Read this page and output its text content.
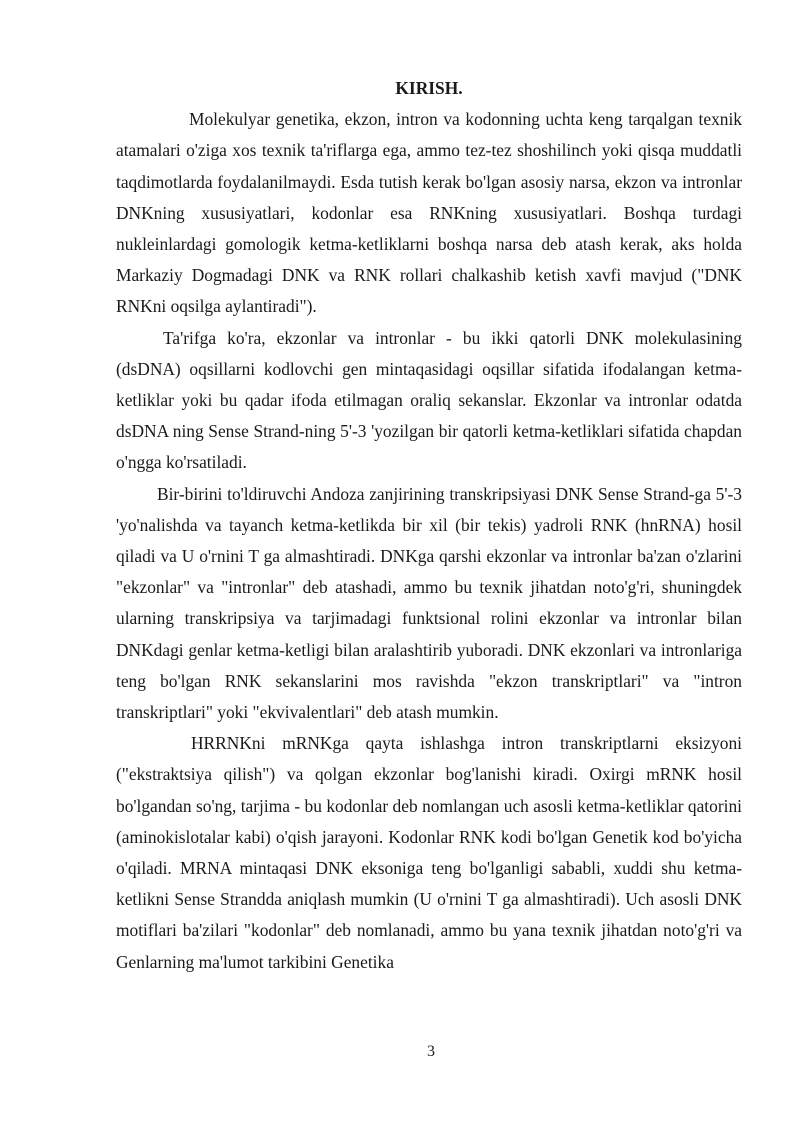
KIRISH.

Molekulyar genetika, ekzon, intron va kodonning uchta keng tarqalgan texnik atamalari o'ziga xos texnik ta'riflarga ega, ammo tez-tez shoshilinch yoki qisqa muddatli taqdimotlarda foydalanilmaydi. Esda tutish kerak bo'lgan asosiy narsa, ekzon va intronlar DNKning xususiyatlari, kodonlar esa RNKning xususiyatlari. Boshqa turdagi nukleinlardagi gomologik ketma-ketliklarni boshqa narsa deb atash kerak, aks holda Markaziy Dogmadagi DNK va RNK rollari chalkashib ketish xavfi mavjud ("DNK RNKni oqsilga aylantiradi").

Ta'rifga ko'ra, ekzonlar va intronlar - bu ikki qatorli DNK molekulasining (dsDNA) oqsillarni kodlovchi gen mintaqasidagi oqsillar sifatida ifodalangan ketma-ketliklar yoki bu qadar ifoda etilmagan oraliq sekanslar. Ekzonlar va intronlar odatda dsDNA ning Sense Strand-ning 5'-3 'yozilgan bir qatorli ketma-ketliklari sifatida chapdan o'ngga ko'rsatiladi.

Bir-birini to'ldiruvchi Andoza zanjirining transkripsiyasi DNK Sense Strand-ga 5'-3 'yo'nalishda va tayanch ketma-ketlikda bir xil (bir tekis) yadroli RNK (hnRNA) hosil qiladi va U o'rnini T ga almashtiradi. DNKga qarshi ekzonlar va intronlar ba'zan o'zlarini "ekzonlar" va "intronlar" deb atashadi, ammo bu texnik jihatdan noto'g'ri, shuningdek ularning transkripsiya va tarjimadagi funktsional rolini ekzonlar va intronlar bilan DNKdagi genlar ketma-ketligi bilan aralashtirib yuboradi. DNK ekzonlari va intronlariga teng bo'lgan RNK sekanslarini mos ravishda "ekzon transkriptlari" va "intron transkriptlari" yoki "ekvivalentlari" deb atash mumkin.

HRRNKni mRNKga qayta ishlashga intron transkriptlarni eksizyoni ("ekstraktsiya qilish") va qolgan ekzonlar bog'lanishi kiradi. Oxirgi mRNK hosil bo'lgandan so'ng, tarjima - bu kodonlar deb nomlangan uch asosli ketma-ketliklar qatorini (aminokislotalar kabi) o'qish jarayoni. Kodonlar RNK kodi bo'lgan Genetik kod bo'yicha o'qiladi. MRNA mintaqasi DNK eksoniga teng bo'lganligi sababli, xuddi shu ketma-ketlikni Sense Strandda aniqlash mumkin (U o'rnini T ga almashtiradi). Uch asosli DNK motiflari ba'zilari "kodonlar" deb nomlanadi, ammo bu yana texnik jihatdan noto'g'ri va Genlarning ma'lumot tarkibini Genetika

3
